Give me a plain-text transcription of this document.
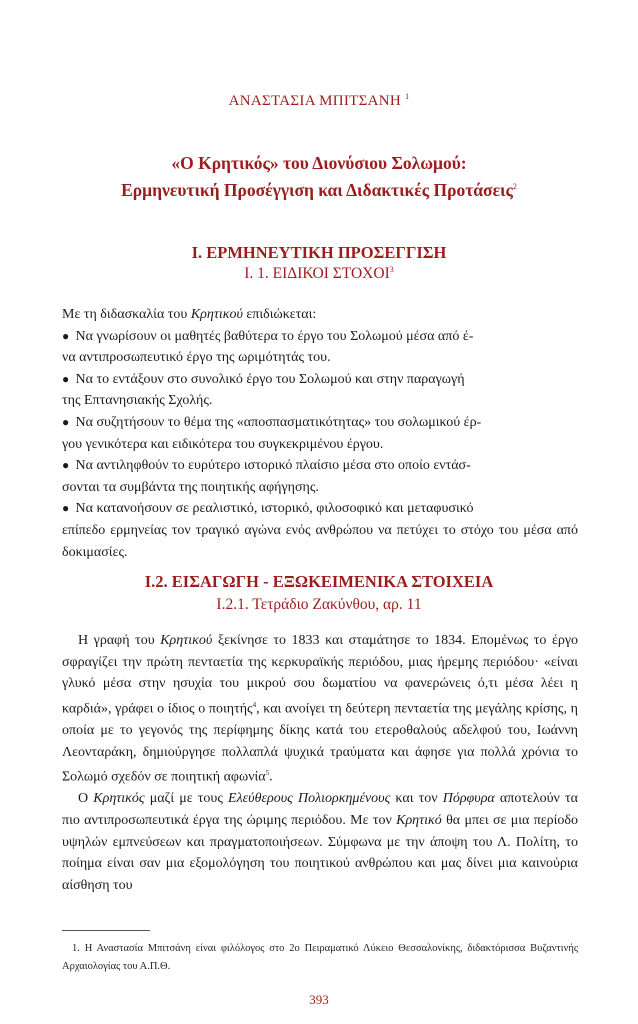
ΑΝΑΣΤΑΣΙΑ ΜΠΙΤΣΑΝΗ $^1$
«Ο Κρητικός» του Διονύσιου Σολωμού:
Ερμηνευτική Προσέγγιση και Διδακτικές Προτάσεις$^2$
Ι. ΕΡΜΗΝΕΥΤΙΚΗ ΠΡΟΣΕΓΓΙΣΗ
Ι. 1. ΕΙΔΙΚΟΙ ΣΤΟΧΟΙ$^3$
Με τη διδασκαλία του Κρητικού επιδιώκεται:
● Να γνωρίσουν οι μαθητές βαθύτερα το έργο του Σολωμού μέσα από έ-
να αντιπροσωπευτικό έργο της ωριμότητάς του.
● Να το εντάξουν στο συνολικό έργο του Σολωμού και στην παραγωγή
της Επτανησιακής Σχολής.
● Να συζητήσουν το θέμα της «αποσπασματικότητας» του σολωμικού έρ-
γου γενικότερα και ειδικότερα του συγκεκριμένου έργου.
● Να αντιληφθούν το ευρύτερο ιστορικό πλαίσιο μέσα στο οποίο εντάσ-
σονται τα συμβάντα της ποιητικής αφήγησης.
● Να κατανοήσουν σε ρεαλιστικό, ιστορικό, φιλοσοφικό και μεταφυσικό
επίπεδο ερμηνείας τον τραγικό αγώνα ενός ανθρώπου να πετύχει το στόχο του μέσα από δοκιμασίες.
Ι.2. ΕΙΣΑΓΩΓΗ - ΕΞΩΚΕΙΜΕΝΙΚΑ ΣΤΟΙΧΕΙΑ
Ι.2.1. Τετράδιο Ζακύνθου, αρ. 11

Η γραφή του Κρητικού ξεκίνησε το 1833 και σταμάτησε το 1834. Επομένως το έργο σφραγίζει την πρώτη πενταετία της κερκυραϊκής περιόδου, μιας ήρεμης περιόδου· «είναι γλυκό μέσα στην ησυχία του μικρού σου δωματίου να φανερώνεις ό,τι μέσα λέει η καρδιά», γράφει ο ίδιος ο ποιητής$^4$, και ανοίγει τη δεύτερη πενταετία της μεγάλης κρίσης, η οποία με το γεγονός της περίφημης δίκης κατά του ετεροθαλούς αδελφού του, Ιωάννη Λεονταράκη, δημιούργησε πολλαπλά ψυχικά τραύματα και άφησε για πολλά χρόνια το Σολωμό σχεδόν σε ποιητική αφωνία$^5$.

Ο Κρητικός μαζί με τους Ελεύθερους Πολιορκημένους και τον Πόρφυρα αποτελούν τα πιο αντιπροσωπευτικά έργα της ώριμης περιόδου. Με τον Κρητικό θα μπει σε μια περίοδο υψηλών εμπνεύσεων και πραγματοποιήσεων. Σύμφωνα με την άποψη του Λ. Πολίτη, το ποίημα είναι σαν μια εξομολόγηση του ποιητικού ανθρώπου και μας δίνει μια καινούρια αίσθηση του

1. Η Αναστασία Μπιτσάνη είναι φιλόλογος στο 2ο Πειραματικό Λύκειο Θεσσαλονίκης, διδακτόρισσα Βυζαντινής Αρχαιολογίας του Α.Π.Θ.

393
